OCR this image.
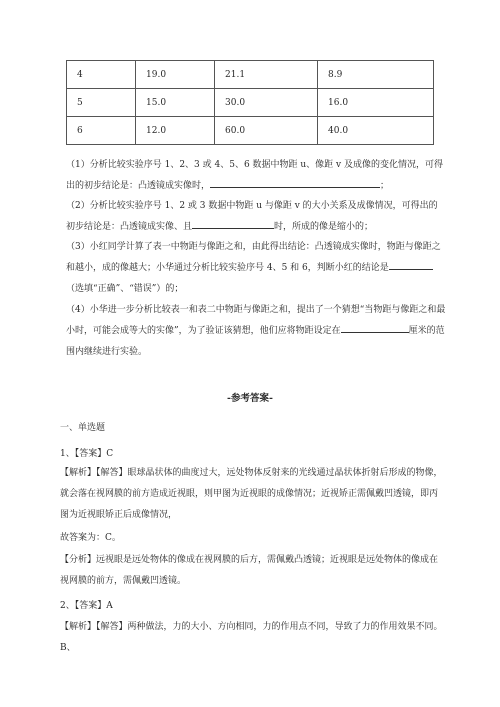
4	19.0	21.1	8.9
5	15.0	30.0	16.0
6	12.0	60.0	40.0
（1）分析比较实验序号 1、2、3 或 4、5、6 数据中物距 u、像距 v 及成像的变化情况，可得出的初步结论是：凸透镜成实像时，	；
（2）分析比较实验序号 1、2 或 3 数据中物距 u 与像距 v 的大小关系及成像情况，可得出的初步结论是：凸透镜成实像、且	时，所成的像是缩小的；
（3）小红同学计算了表一中物距与像距之和，由此得出结论：凸透镜成实像时，物距与像距之和越小，成的像越大；小华通过分析比较实验序号 4、5 和 6，判断小红的结论是（选填“正确”、“错误”）的；
（4）小华进一步分析比较表一和表二中物距与像距之和，提出了一个猜想“当物距与像距之和最小时，可能会成等大的实像”，为了验证该猜想，他们应将物距设定在	厘米的范围内继续进行实验。
-参考答案-
一、单选题
1、【答案】C
【解析】【解答】眼球晶状体的曲度过大，远处物体反射来的光线通过晶状体折射后形成的物像，就会落在视网膜的前方造成近视眼，则甲图为近视眼的成像情况；近视矫正需佩戴凹透镜，即丙图为近视眼矫正后成像情况，
故答案为：C。
【分析】远视眼是远处物体的像成在视网膜的后方，需佩戴凸透镜；近视眼是远处物体的像成在视网膜的前方，需佩戴凹透镜。
2、【答案】A
【解析】【解答】两种做法，力的大小、方向相同，力的作用点不同，导致了力的作用效果不同。B、
